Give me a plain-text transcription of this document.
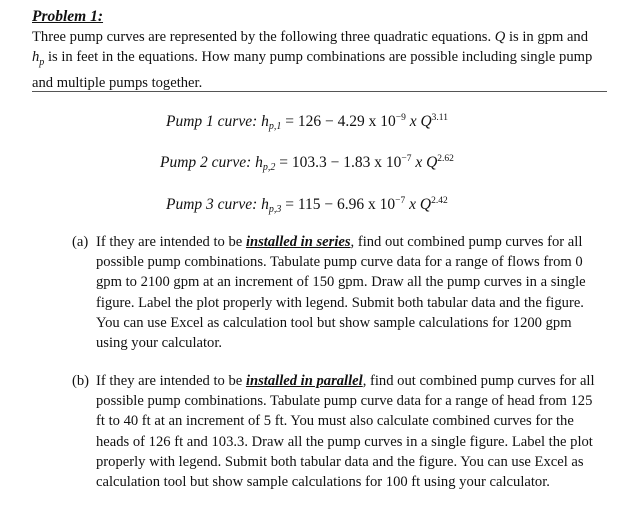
Problem 1:
Three pump curves are represented by the following three quadratic equations. Q is in gpm and
$h_p$ is in feet in the equations. How many pump combinations are possible including single pump
and multiple pumps together.
Pump 1 curve: $h_{p,1} = 126 - 4.29$ x $10^{-9}$ x $Q^{3.11}$
Pump 2 curve: $h_{p,2} = 103.3 - 1.83$ x $10^{-7}$ x $Q^{2.62}$
Pump 3 curve: $h_{p,3} = 115 - 6.96$ x $10^{-7}$ x $Q^{2.42}$
(a) If they are intended to be installed in series, find out combined pump curves for all
possible pump combinations. Tabulate pump curve data for a range of flows from 0
gpm to 2100 gpm at an increment of 150 gpm. Draw all the pump curves in a single
figure. Label the plot properly with legend. Submit both tabular data and the figure.
You can use Excel as calculation tool but show sample calculations for 1200 gpm
using your calculator.
(b) If they are intended to be installed in parallel, find out combined pump curves for all
possible pump combinations. Tabulate pump curve data for a range of head from 125
ft to 40 ft at an increment of 5 ft. You must also calculate combined curves for the
heads of 126 ft and 103.3. Draw all the pump curves in a single figure. Label the plot
properly with legend. Submit both tabular data and the figure. You can use Excel as
calculation tool but show sample calculations for 100 ft using your calculator.
